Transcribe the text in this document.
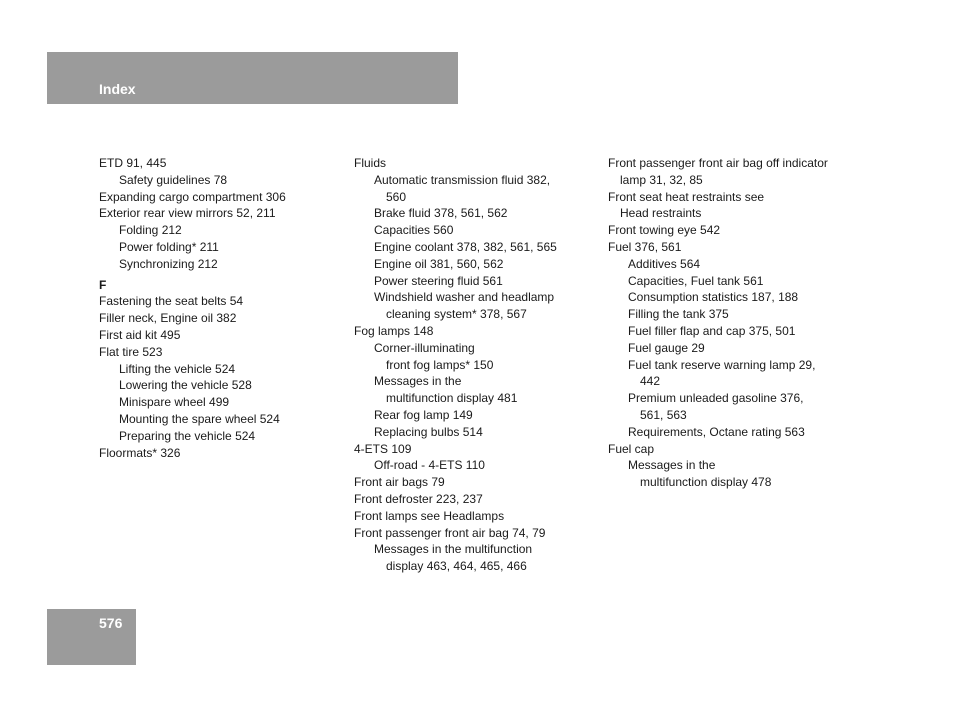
Index
ETD 91, 445
Safety guidelines 78
Expanding cargo compartment 306
Exterior rear view mirrors 52, 211
Folding 212
Power folding* 211
Synchronizing 212
F
Fastening the seat belts 54
Filler neck, Engine oil 382
First aid kit 495
Flat tire 523
Lifting the vehicle 524
Lowering the vehicle 528
Minispare wheel 499
Mounting the spare wheel 524
Preparing the vehicle 524
Floormats* 326
Fluids
Automatic transmission fluid 382,
560
Brake fluid 378, 561, 562
Capacities 560
Engine coolant 378, 382, 561, 565
Engine oil 381, 560, 562
Power steering fluid 561
Windshield washer and headlamp
cleaning system* 378, 567
Fog lamps 148
Corner-illuminating
front fog lamps* 150
Messages in the
multifunction display 481
Rear fog lamp 149
Replacing bulbs 514
4-ETS 109
Off-road - 4-ETS 110
Front air bags 79
Front defroster 223, 237
Front lamps see Headlamps
Front passenger front air bag 74, 79
Messages in the multifunction
display 463, 464, 465, 466
Front passenger front air bag off indicator
lamp 31, 32, 85
Front seat heat restraints see
Head restraints
Front towing eye 542
Fuel 376, 561
Additives 564
Capacities, Fuel tank 561
Consumption statistics 187, 188
Filling the tank 375
Fuel filler flap and cap 375, 501
Fuel gauge 29
Fuel tank reserve warning lamp 29,
442
Premium unleaded gasoline 376,
561, 563
Requirements, Octane rating 563
Fuel cap
Messages in the
multifunction display 478
576
